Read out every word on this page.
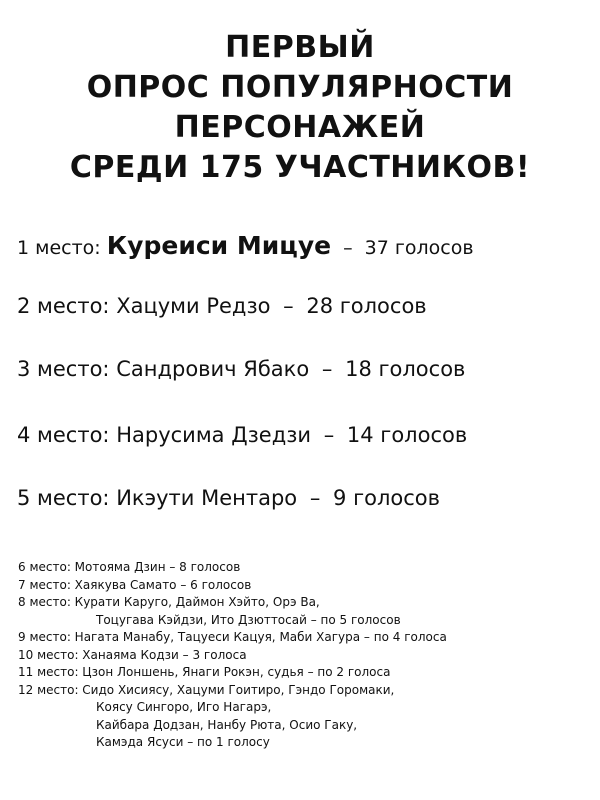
ПЕРВЫЙ
ОПРОС ПОПУЛЯРНОСТИ
ПЕРСОНАЖЕЙ
СРЕДИ 175 УЧАСТНИКОВ!
1 место: Куреиси Мицуе – 37 голосов
2 место: Хацуми Редзо – 28 голосов
3 место: Сандрович Ябако – 18 голосов
4 место: Нарусима Дзедзи – 14 голосов
5 место: Икэути Ментаро – 9 голосов
6 место: Мотояма Дзин – 8 голосов
7 место: Хаякува Самато – 6 голосов
8 место: Курати Каруго, Даймон Хэйто, Орэ Ва,
Тоцугава Кэйдзи, Ито Дзюттосай – по 5 голосов
9 место: Нагата Манабу, Тацуеси Кацуя, Маби Хагура – по 4 голоса
10 место: Ханаяма Кодзи – 3 голоса
11 место: Цзон Лоншень, Янаги Рокэн, судья – по 2 голоса
12 место: Сидо Хисиясу, Хацуми Гоитиро, Гэндо Горомаки,
Коясу Сингоро, Иго Нагарэ,
Кайбара Додзан, Нанбу Рюта, Осио Гаку,
Камэда Ясуси – по 1 голосу
